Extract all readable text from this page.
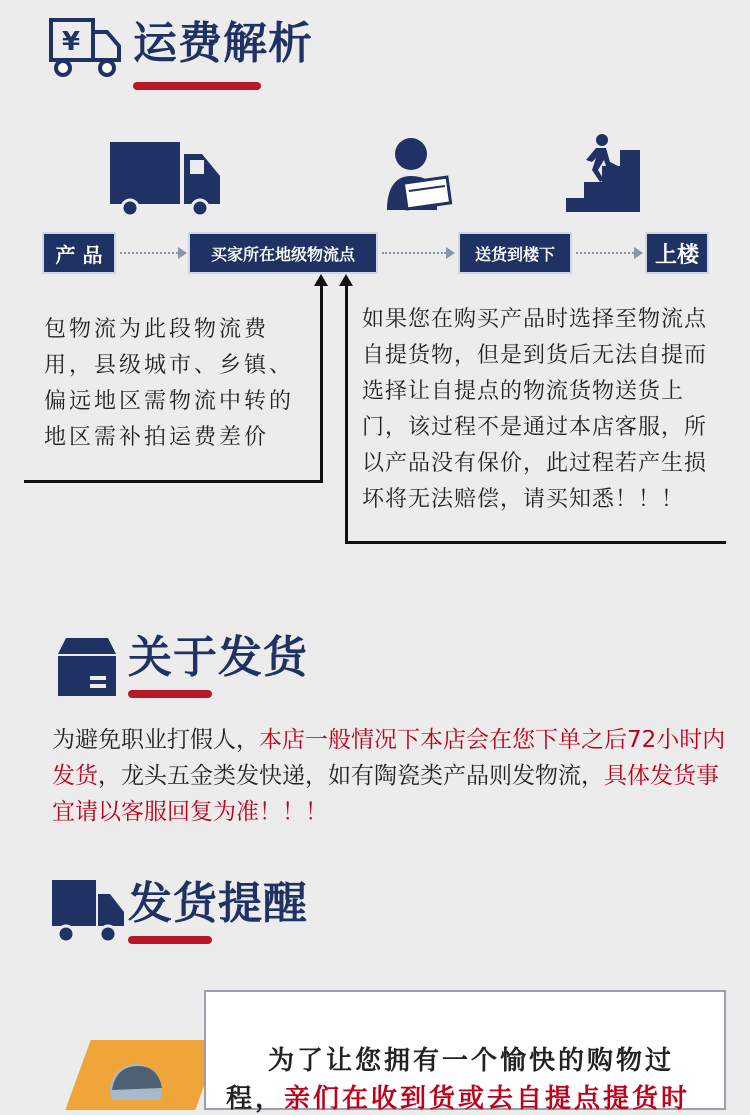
¥ 运费解析
产 品	买家所在地级物流点	送货到楼下	上楼
包物流为此段物流费用，县级城市、乡镇、偏远地区需物流中转的地区需补拍运费差价
如果您在购买产品时选择至物流点自提货物，但是到货后无法自提而选择让自提点的物流货物送货上门，该过程不是通过本店客服，所以产品没有保价，此过程若产生损坏将无法赔偿，请买知悉！！！
关于发货
为避免职业打假人，本店一般情况下本店会在您下单之后72小时内发货，龙头五金类发快递，如有陶瓷类产品则发物流，具体发货事宜请以客服回复为准！！！
发货提醒
为了让您拥有一个愉快的购物过
程，亲们在收到货或去自提点提货时
